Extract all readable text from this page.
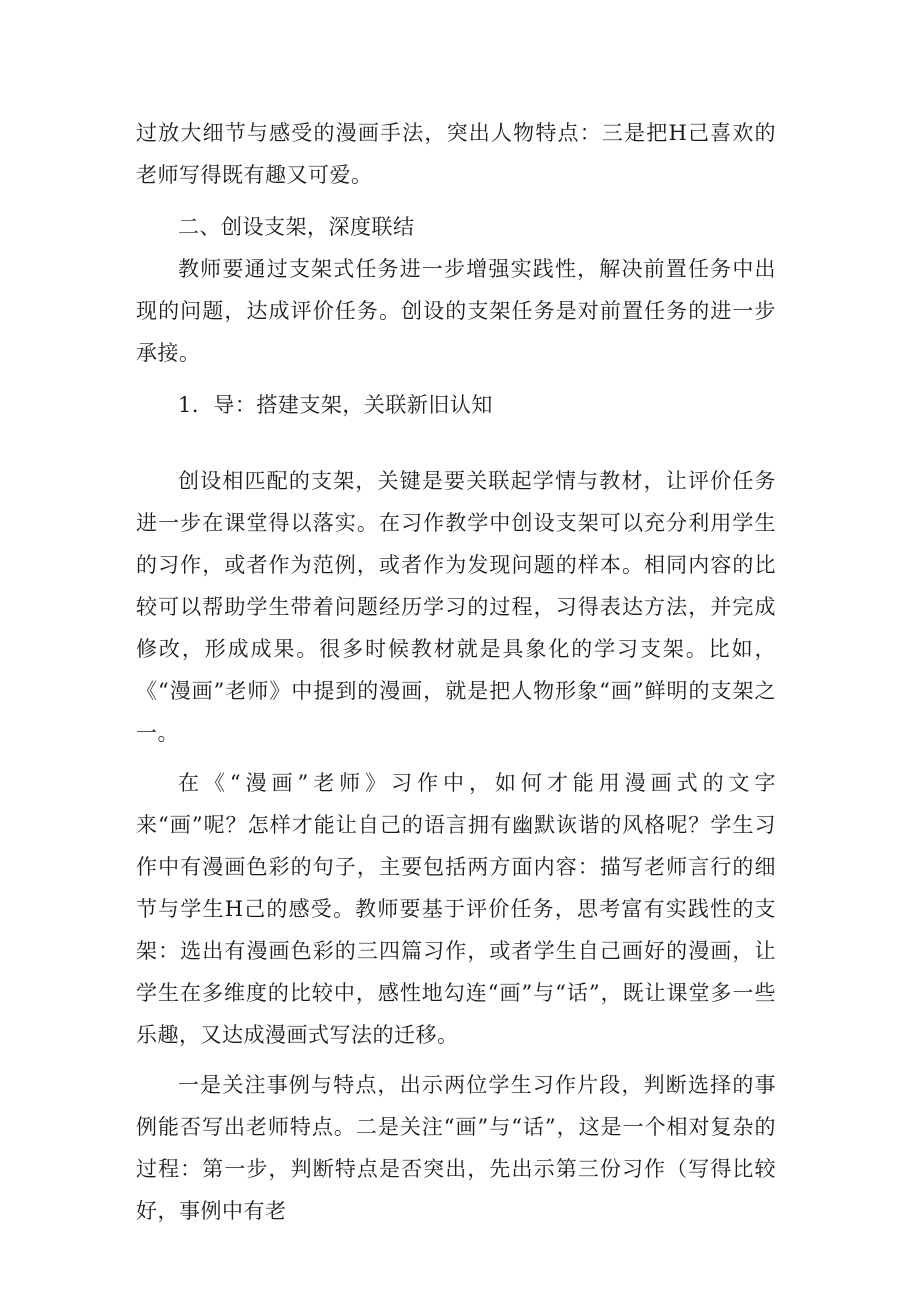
过放大细节与感受的漫画手法，突出人物特点：三是把H己喜欢的老师写得既有趣又可爱。

二、创设支架，深度联结

教师要通过支架式任务进一步增强实践性，解决前置任务中出现的问题，达成评价任务。创设的支架任务是对前置任务的进一步承接。

1．导：搭建支架，关联新旧认知

创设相匹配的支架，关键是要关联起学情与教材，让评价任务进一步在课堂得以落实。在习作教学中创设支架可以充分利用学生的习作，或者作为范例，或者作为发现问题的样本。相同内容的比较可以帮助学生带着问题经历学习的过程，习得表达方法，并完成修改，形成成果。很多时候教材就是具象化的学习支架。比如，《“漫画”老师》中提到的漫画，就是把人物形象“画”鲜明的支架之一。

在《“漫画”老师》习作中，如何才能用漫画式的文字来“画”呢？怎样才能让自己的语言拥有幽默诙谐的风格呢？学生习作中有漫画色彩的句子，主要包括两方面内容：描写老师言行的细节与学生H己的感受。教师要基于评价任务，思考富有实践性的支架：选出有漫画色彩的三四篇习作，或者学生自己画好的漫画，让学生在多维度的比较中，感性地勾连“画”与“话”，既让课堂多一些乐趣，又达成漫画式写法的迁移。

一是关注事例与特点，出示两位学生习作片段，判断选择的事例能否写出老师特点。二是关注“画”与“话”，这是一个相对复杂的过程：第一步，判断特点是否突出，先出示第三份习作（写得比较好，事例中有老
